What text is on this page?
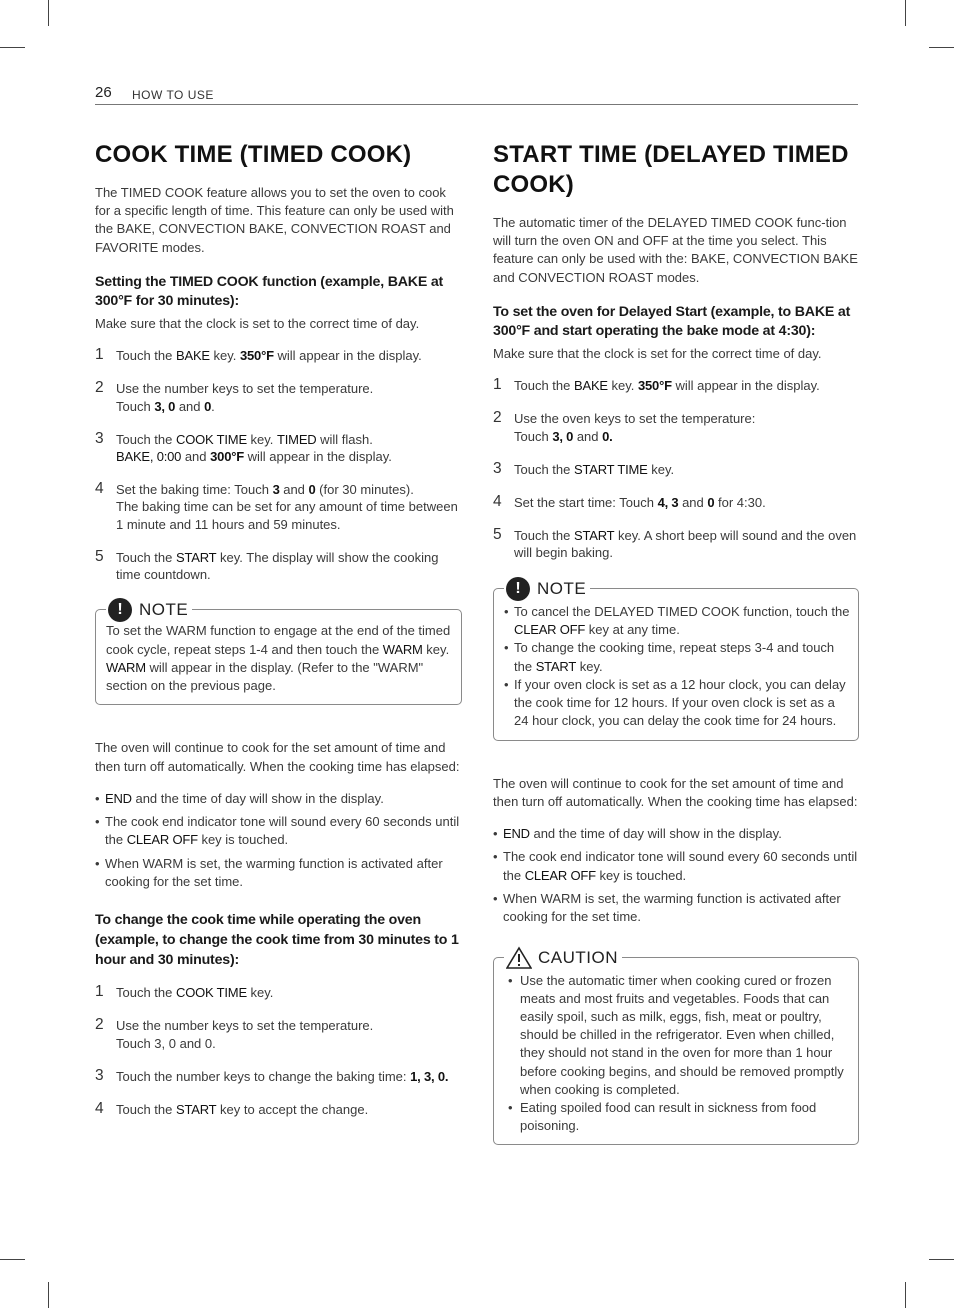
26 HOW TO USE
COOK TIME (TIMED COOK)

The TIMED COOK feature allows you to set the oven to cook for a specific length of time. This feature can only be used with the BAKE, CONVECTION BAKE, CONVECTION ROAST and FAVORITE modes.

Setting the TIMED COOK function (example, BAKE at 300°F for 30 minutes):

Make sure that the clock is set to the correct time of day.

1 Touch the BAKE key. 350°F will appear in the display.
2 Use the number keys to set the temperature.
Touch 3, 0 and 0.
3 Touch the COOK TIME key. TIMED will flash.
BAKE, 0:00 and 300°F will appear in the display.
4 Set the baking time: Touch 3 and 0 (for 30 minutes).
The baking time can be set for any amount of time between 1 minute and 11 hours and 59 minutes.
5 Touch the START key. The display will show the cooking time countdown.
! NOTE

To set the WARM function to engage at the end of the timed cook cycle, repeat steps 1-4 and then touch the WARM key. WARM will appear in the display. (Refer to the "WARM" section on the previous page.

The oven will continue to cook for the set amount of time and then turn off automatically. When the cooking time has elapsed:

• END and the time of day will show in the display.
• The cook end indicator tone will sound every 60 seconds until the CLEAR OFF key is touched.
• When WARM is set, the warming function is activated after cooking for the set time.
To change the cook time while operating the oven (example, to change the cook time from 30 minutes to 1 hour and 30 minutes):
1 Touch the COOK TIME key.
2 Use the number keys to set the temperature.
Touch 3, 0 and 0.
3 Touch the number keys to change the baking time: 1, 3, 0.
4 Touch the START key to accept the change.
START TIME (DELAYED TIMED COOK)

The automatic timer of the DELAYED TIMED COOK func-tion will turn the oven ON and OFF at the time you select. This feature can only be used with the: BAKE, CONVECTION BAKE and CONVECTION ROAST modes.

To set the oven for Delayed Start (example, to BAKE at 300°F and start operating the bake mode at 4:30):

Make sure that the clock is set for the correct time of day.

1 Touch the BAKE key. 350°F will appear in the display.
2 Use the oven keys to set the temperature:
Touch 3, 0 and 0.
3 Touch the START TIME key.
4 Set the start time: Touch 4, 3 and 0 for 4:30.
5 Touch the START key. A short beep will sound and the oven will begin baking.
! NOTE
• To cancel the DELAYED TIMED COOK function, touch the CLEAR OFF key at any time.
• To change the cooking time, repeat steps 3-4 and touch the START key.
• If your oven clock is set as a 12 hour clock, you can delay the cook time for 12 hours. If your oven clock is set as a 24 hour clock, you can delay the cook time for 24 hours.

The oven will continue to cook for the set amount of time and then turn off automatically. When the cooking time has elapsed:

• END and the time of day will show in the display.
• The cook end indicator tone will sound every 60 seconds until the CLEAR OFF key is touched.
• When WARM is set, the warming function is activated after cooking for the set time.
CAUTION
• Use the automatic timer when cooking cured or frozen meats and most fruits and vegetables. Foods that can easily spoil, such as milk, eggs, fish, meat or poultry, should be chilled in the refrigerator. Even when chilled, they should not stand in the oven for more than 1 hour before cooking begins, and should be removed promptly when cooking is completed.
• Eating spoiled food can result in sickness from food poisoning.
